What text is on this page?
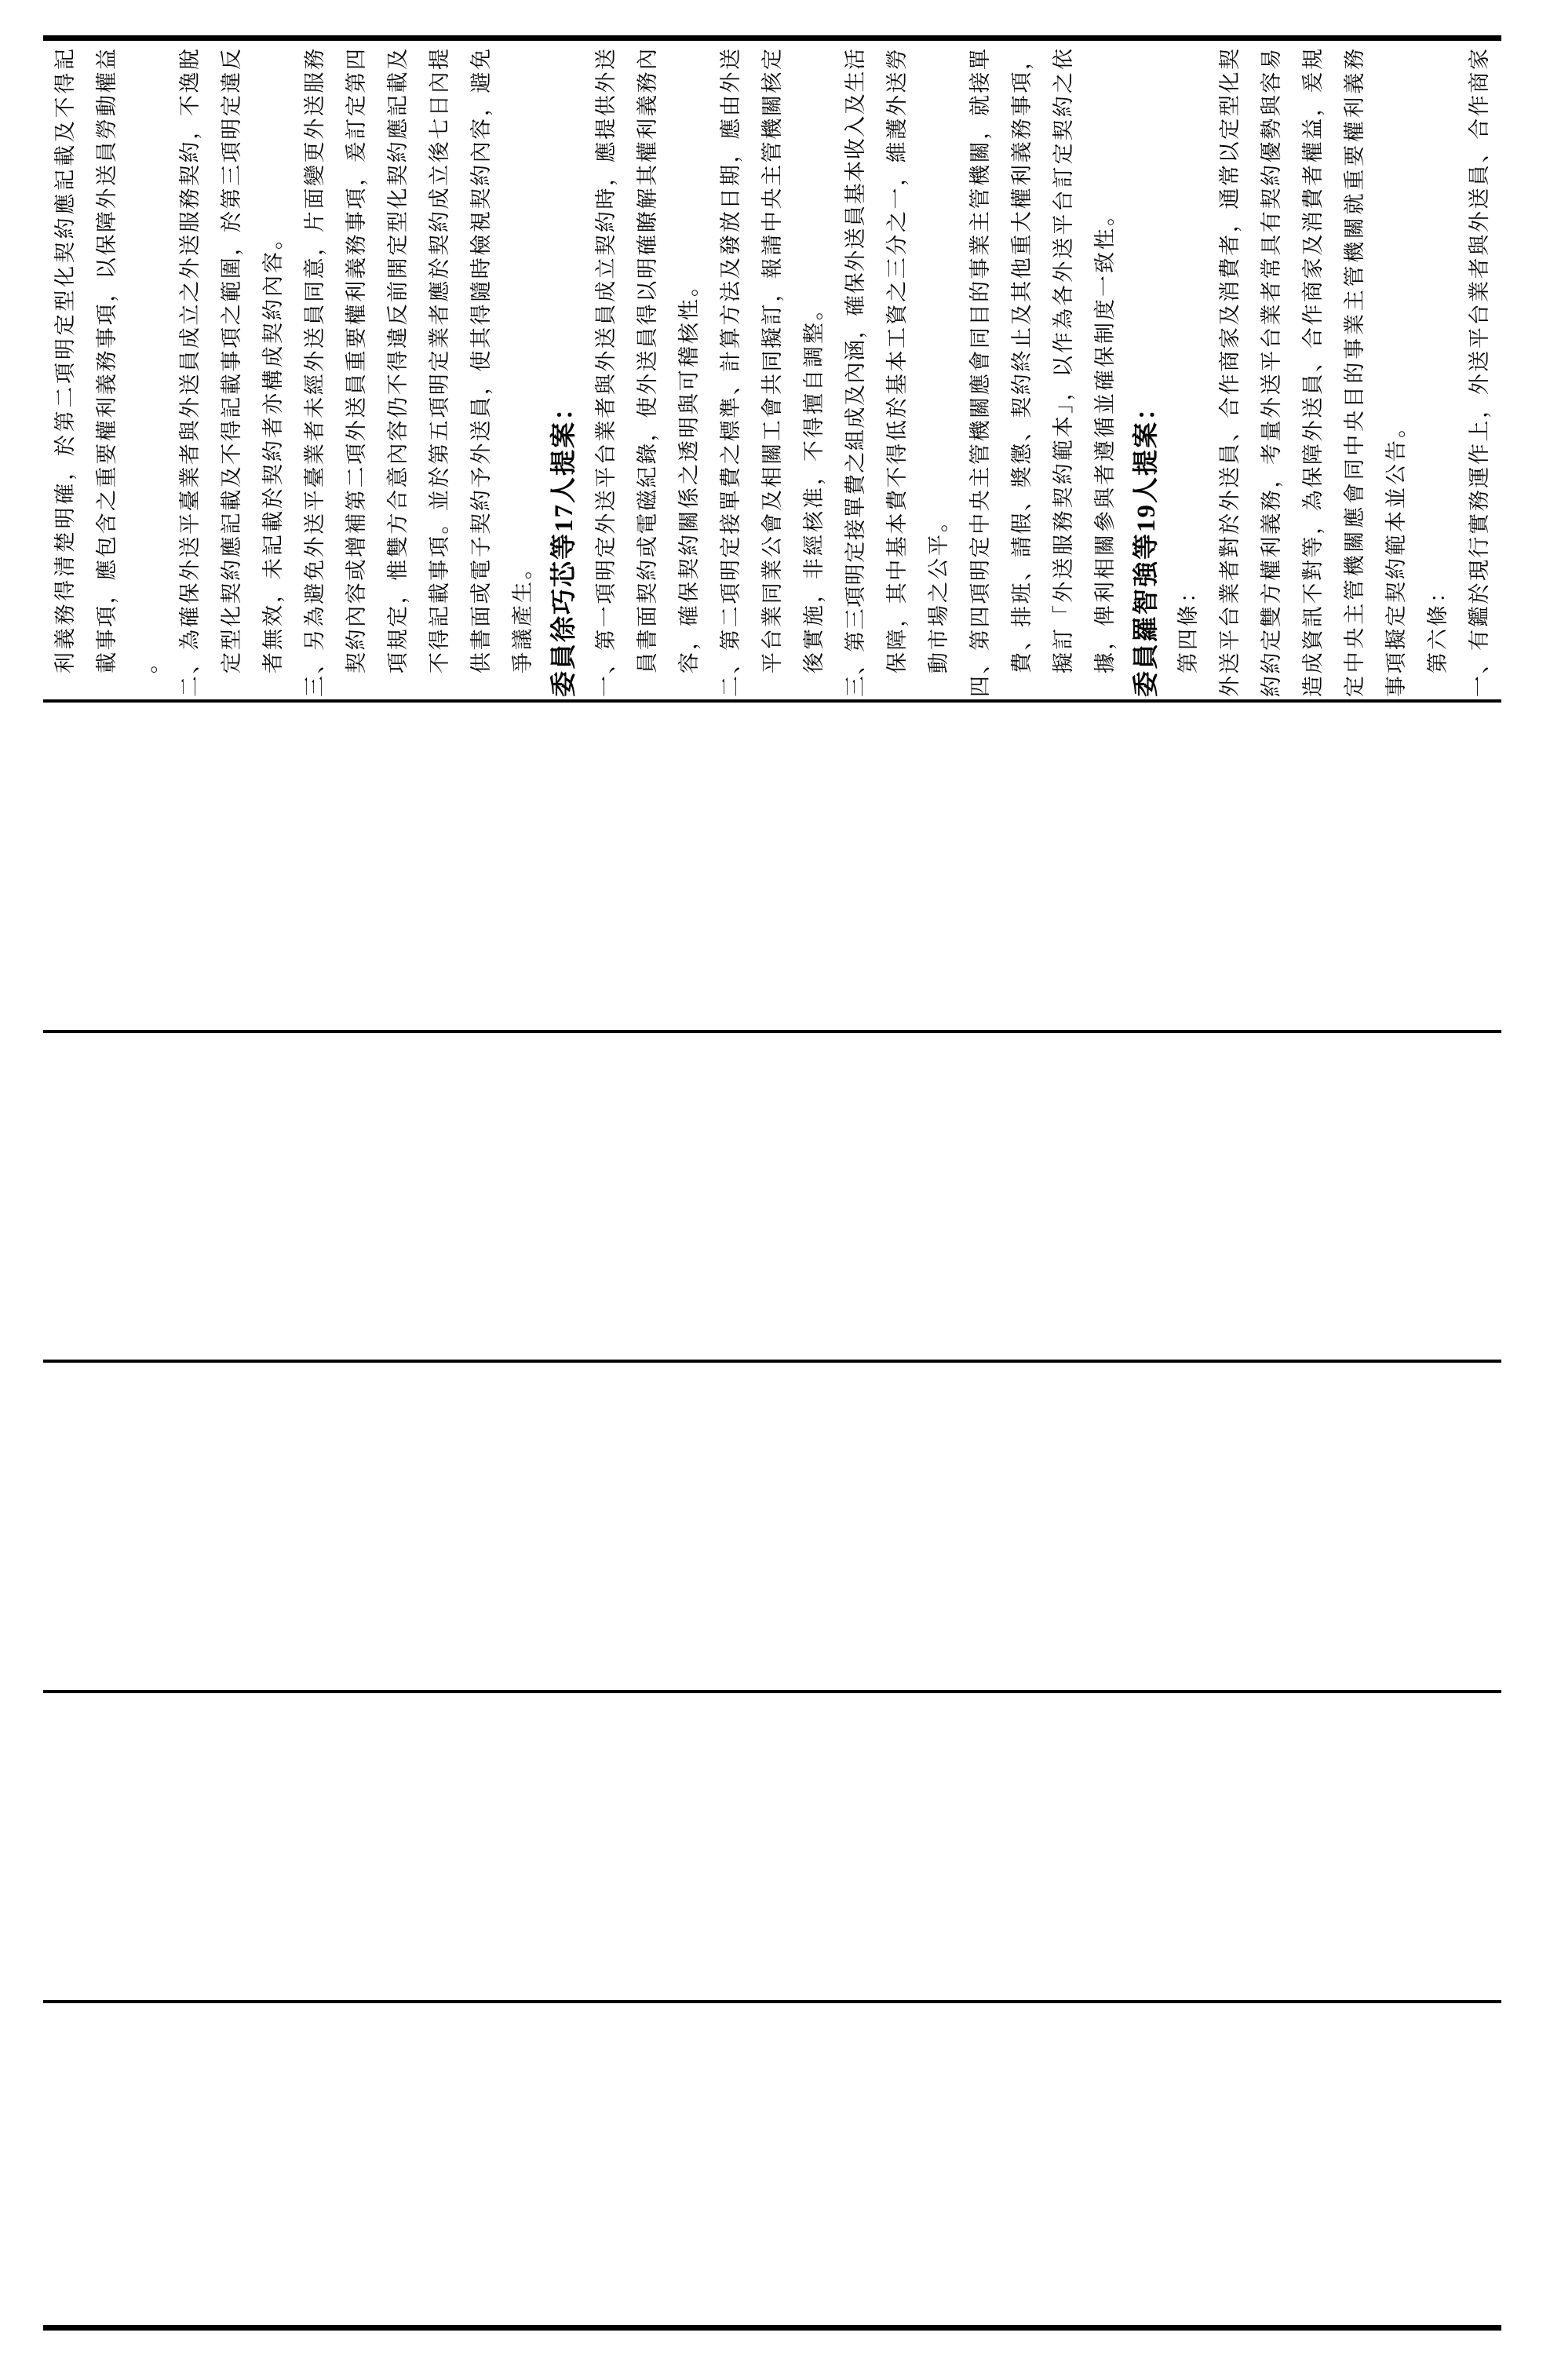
利義務得清楚明確，於第二項明定型化契約應記載及不得記 載事項，應包含之重要權利義務事項，以保障外送員勞動權益 。 二、為確保外送平臺業者與外送員成立之外送服務契約，不逸脫 定型化契約應記載及不得記載事項之範圍，於第三項明定違反 者無效，未記載於契約者亦構成契約內容。 三、另為避免外送平臺業者未經外送員同意，片面變更外送服務 契約內容或增補第二項外送員重要權利義務事項，爰訂定第四 項規定，惟雙方合意內容仍不得違反前開定型化契約應記載及 不得記載事項。並於第五項明定業者應於契約成立後七日內提 供書面或電子契約予外送員，使其得隨時檢視契約內容，避免 爭議產生。 委員徐巧芯等17人提案： 一、第一項明定外送平台業者與外送員成立契約時，應提供外送 員書面契約或電磁紀錄，使外送員得以明確瞭解其權利義務內 容，確保契約關係之透明與可稽核性。 二、第二項明定接單費之標準、計算方法及發放日期，應由外送 平台業同業公會及相關工會共同擬訂，報請中央主管機關核定 後實施，非經核准，不得擅自調整。 三、第三項明定接單費之組成及內涵，確保外送員基本收入及生活 保障，其中基本費不得低於基本工資之三分之一，維護外送勞 動市場之公平。 四、第四項明定中央主管機關應會同目的事業主管機關，就接單 費、排班、請假、獎懲、契約終止及其他重大權利義務事項， 擬訂「外送服務契約範本」，以作為各外送平台訂定契約之依 據，俾利相關參與者遵循並確保制度一致性。 委員羅智強等19人提案： 第四條： 外送平台業者對於外送員、合作商家及消費者，通常以定型化契 約約定雙方權利義務，考量外送平台業者常具有契約優勢與容易 造成資訊不對等，為保障外送員、合作商家及消費者權益，爰規 定中央主管機關應會同中央目的事業主管機關就重要權利義務 事項擬定契約範本並公告。 第六條： 一、有鑑於現行實務運作上，外送平台業者與外送員、合作商家
